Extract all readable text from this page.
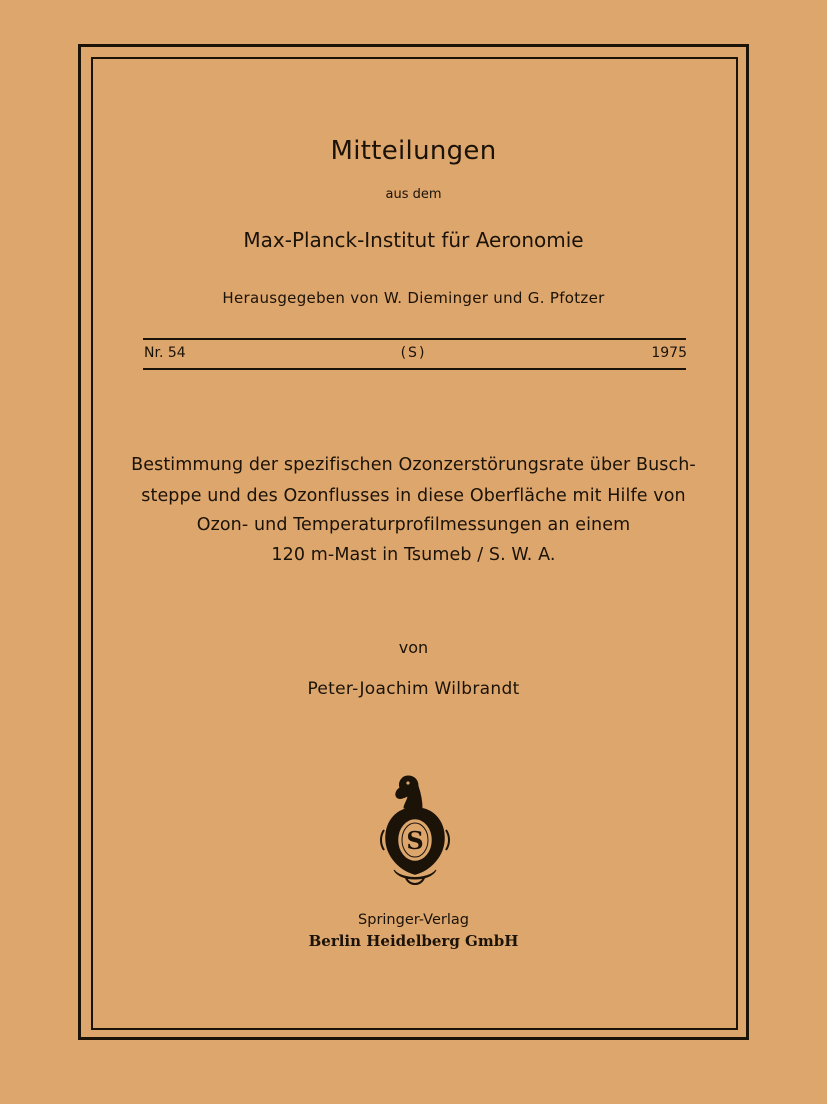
Mitteilungen
aus dem
Max-Planck-Institut für Aeronomie
Herausgegeben von W. Dieminger und G. Pfotzer
Nr. 54	(S)	1975
Bestimmung der spezifischen Ozonzerstörungsrate über Busch-
steppe und des Ozonflusses in diese Oberfläche mit Hilfe von
Ozon- und Temperaturprofilmessungen an einem
120 m-Mast in Tsumeb / S. W. A.
von
Peter-Joachim Wilbrandt
S
Springer-Verlag
Berlin Heidelberg GmbH
